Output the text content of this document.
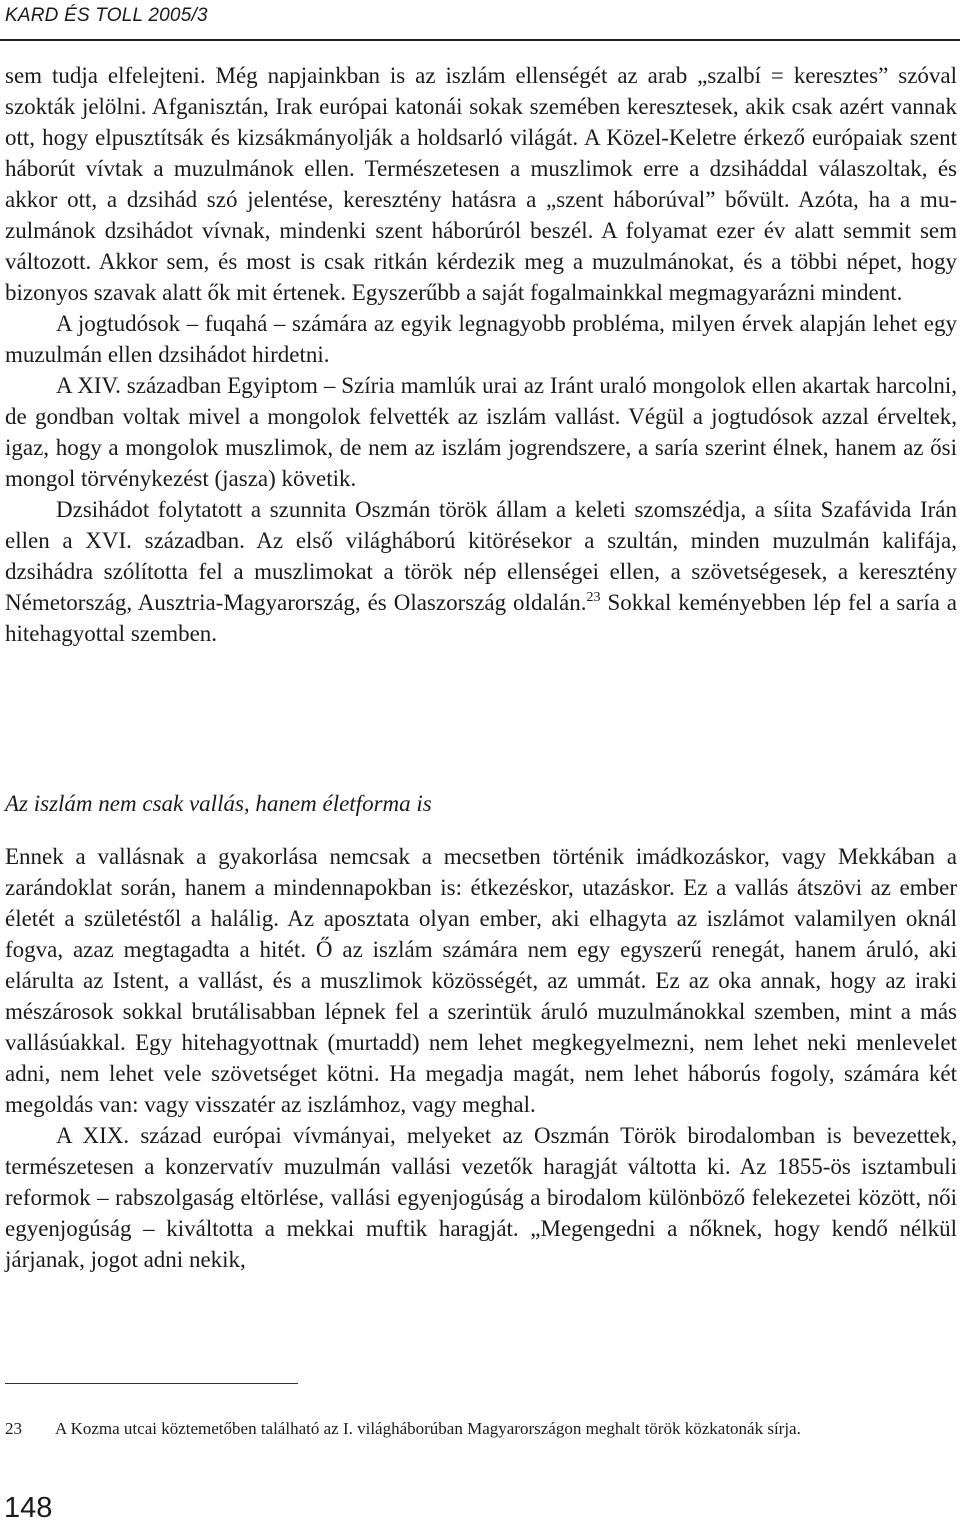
KARD ÉS TOLL 2005/3

sem tudja elfelejteni. Még napjainkban is az iszlám ellenségét az arab „szalbí = keresztes” szóval szokták jelölni. Afganisztán, Irak európai katonái sokak szemében keresztesek, akik csak azért vannak ott, hogy elpusztítsák és kizsákmányolják a holdsarló világát. A Közel-Keletre érkező európaiak szent háborút vívtak a muzulmánok ellen. Természetesen a muszlimok erre a dzsiháddal válaszoltak, és akkor ott, a dzsihád szó jelentése, keresztény hatásra a „szent háborúval” bővült. Azóta, ha a muzulmánok dzsihádot vívnak, mindenki szent háborúról beszél. A folyamat ezer év alatt semmit sem változott. Akkor sem, és most is csak ritkán kérdezik meg a muzulmánokat, és a többi népet, hogy bizonyos szavak alatt ők mit értenek. Egyszerűbb a saját fogalmainkkal megmagyarázni mindent.

A jogtudósok – fuqahá – számára az egyik legnagyobb probléma, milyen érvek alapján lehet egy muzulmán ellen dzsihádot hirdetni.

A XIV. században Egyiptom – Szíria mamlúk urai az Iránt uraló mongolok ellen akartak harcolni, de gondban voltak mivel a mongolok felvették az iszlám vallást. Végül a jogtudósok azzal érveltek, igaz, hogy a mongolok muszlimok, de nem az iszlám jogrendszere, a saría szerint élnek, hanem az ősi mongol törvénykezést (jasza) követik.

Dzsihádot folytatott a szunnita Oszmán török állam a keleti szomszédja, a síita Szafávida Irán ellen a XVI. században. Az első világháború kitörésekor a szultán, minden muzulmán kalifája, dzsihádra szólította fel a muszlimokat a török nép ellenségei ellen, a szövetségesek, a keresztény Németország, Ausztria-Magyarország, és Olaszország oldalán.$^{23}$ Sokkal keményebben lép fel a saría a hitehagyottal szemben.

Az iszlám nem csak vallás, hanem életforma is

Ennek a vallásnak a gyakorlása nemcsak a mecsetben történik imádkozáskor, vagy Mekkában a zarándoklat során, hanem a mindennapokban is: étkezéskor, utazáskor. Ez a vallás átszövi az ember életét a születéstől a halálig. Az aposztata olyan ember, aki elhagyta az iszlámot valamilyen oknál fogva, azaz megtagadta a hitét. Ő az iszlám számára nem egy egyszerű renegát, hanem áruló, aki elárulta az Istent, a vallást, és a muszlimok közösségét, az ummát. Ez az oka annak, hogy az iraki mészárosok sokkal brutálisabban lépnek fel a szerintük áruló muzulmánokkal szemben, mint a más vallásúakkal. Egy hitehagyottnak (murtadd) nem lehet megkegyelmezni, nem lehet neki menlevelet adni, nem lehet vele szövetséget kötni. Ha megadja magát, nem lehet háborús fogoly, számára két megoldás van: vagy visszatér az iszlámhoz, vagy meghal.

A XIX. század európai vívmányai, melyeket az Oszmán Török birodalomban is bevezettek, természetesen a konzervatív muzulmán vallási vezetők haragját váltotta ki. Az 1855-ös isztambuli reformok – rabszolgaság eltörlése, vallási egyenjogúság a birodalom különböző felekezetei között, női egyenjogúság – kiváltotta a mekkai muftik haragját. „Megengedni a nőknek, hogy kendő nélkül járjanak, jogot adni nekik,

23 A Kozma utcai köztemetőben található az I. világháborúban Magyarországon meghalt török közkatonák sírja.
148
